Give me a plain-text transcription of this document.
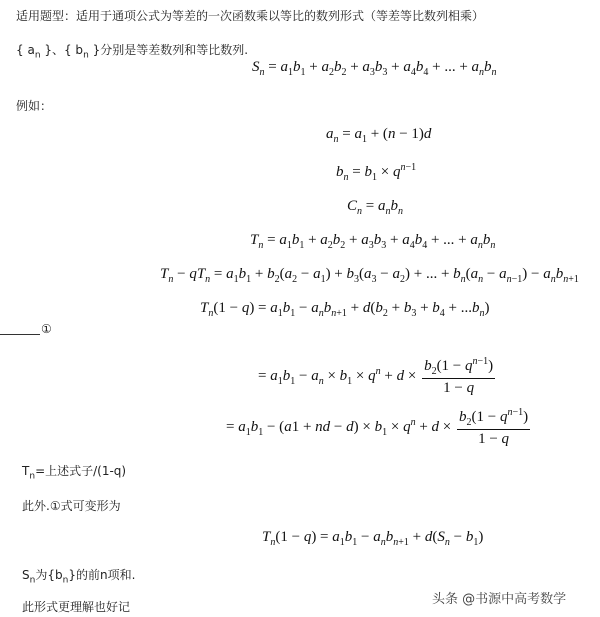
适用题型：适用于通项公式为等差的一次函数乘以等比的数列形式（等差等比数列相乘）
{ $a_n$ }、{ $b_n$ }分别是等差数列和等比数列.
$S_n = a_1b_1 + a_2b_2 + a_3b_3 + a_4b_4$ + ... + $a_nb_n$
例如：
$a_n = a_1 + (n - 1)d$
$b_n = b_1 \times q^{n-1}$
$C_n = a_nb_n$
$T_n = a_1b_1 + a_2b_2 + a_3b_3 + a_4b_4$ + ... + $a_nb_n$
$T_n - qT_n = a_1b_1 + b_2(a_2 - a_1) + b_3(a_3 - a_2)$ + ... + $b_n(a_n - a_{n-1}) - a_nb_{n+1}$
$T_n(1 - q) = a_1b_1 - a_nb_{n+1} + d(b_2 + b_3 + b_4 + ...b_n)$
①
= $a_1b_1 - a_n \times b_1 \times q^n + d \times \frac{b_2(1 - q^{n-1})}{1 - q}$
= $a_1b_1 - (a1$ + nd − $d) \times b_1 \times q^n + d \times \frac{b_2(1 - q^{n-1})}{1 - q}$
$T_n=$上述式子/(1-q)
此外.①式可变形为
$T_n(1 - q) = a_1b_1 - a_nb_{n+1} + d(S_n - b_1)$
$S_n$为$\{b_n\}$的前n项和.
此形式更理解也好记	头条 @书源中高考数学
